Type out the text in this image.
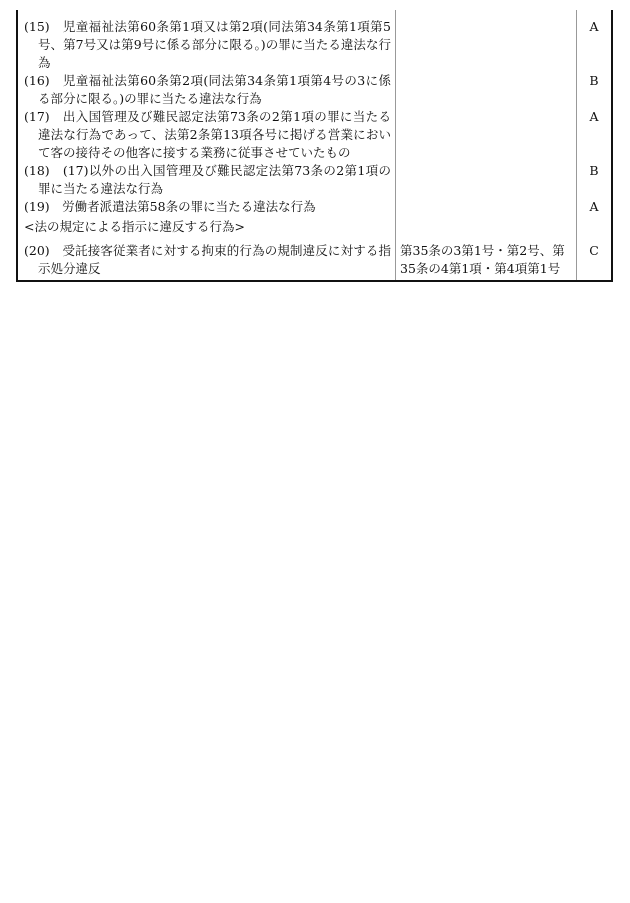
(15)　児童福祉法第60条第1項又は第2項(同法第34条第1項第5号、第7号又は第9号に係る部分に限る。)の罪に当たる違法な行為
A
(16)　児童福祉法第60条第2項(同法第34条第1項第4号の3に係る部分に限る。)の罪に当たる違法な行為
B
(17)　出入国管理及び難民認定法第73条の2第1項の罪に当たる違法な行為であって、法第2条第13項各号に掲げる営業において客の接待その他客に接する業務に従事させていたもの
A
(18)　(17)以外の出入国管理及び難民認定法第73条の2第1項の罪に当たる違法な行為
B
(19)　労働者派遣法第58条の罪に当たる違法な行為	A
<法の規定による指示に違反する行為>
(20)　受託接客従業者に対する拘束的行為の規制違反に対する指示処分違反
第35条の3第1号・第2号、第35条の4第1項・第4項第1号
C
